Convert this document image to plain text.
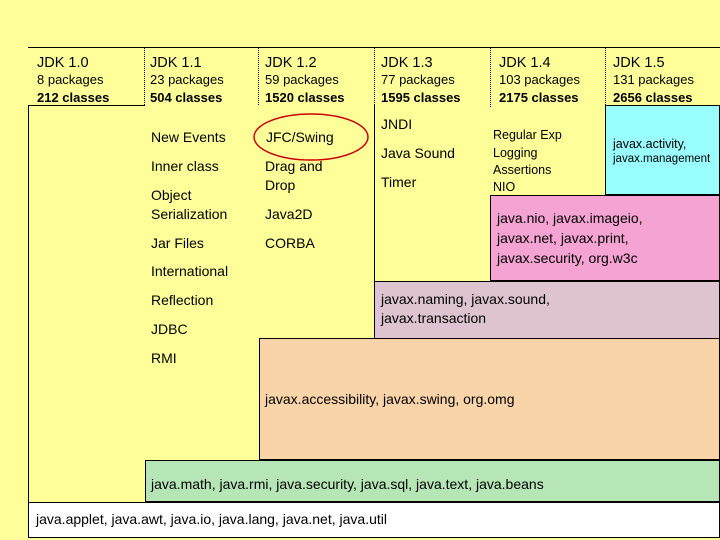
JDK 1.0
8 packages
212 classes
JDK 1.1
23 packages
504 classes
JDK 1.2
59 packages
1520 classes
JDK 1.3
77 packages
1595 classes
JDK 1.4
103 packages
2175 classes
JDK 1.5
131 packages
2656 classes
java.nio, javax.imageio,
javax.net, javax.print,
javax.security, org.w3c
javax.naming, javax.sound,
javax.transaction
javax.accessibility, javax.swing, org.omg
java.math, java.rmi, java.security, java.sql, java.text, java.beans
java.applet, java.awt, java.io, java.lang, java.net, java.util
New Events
Inner class
Object
Serialization
Jar Files
International
Reflection
JDBC
RMI
JFC/Swing
Drag and
Drop
Java2D
CORBA
JNDI
Java Sound
Timer
Regular Exp
Logging
Assertions
NIO
javax.activity,
javax.management
